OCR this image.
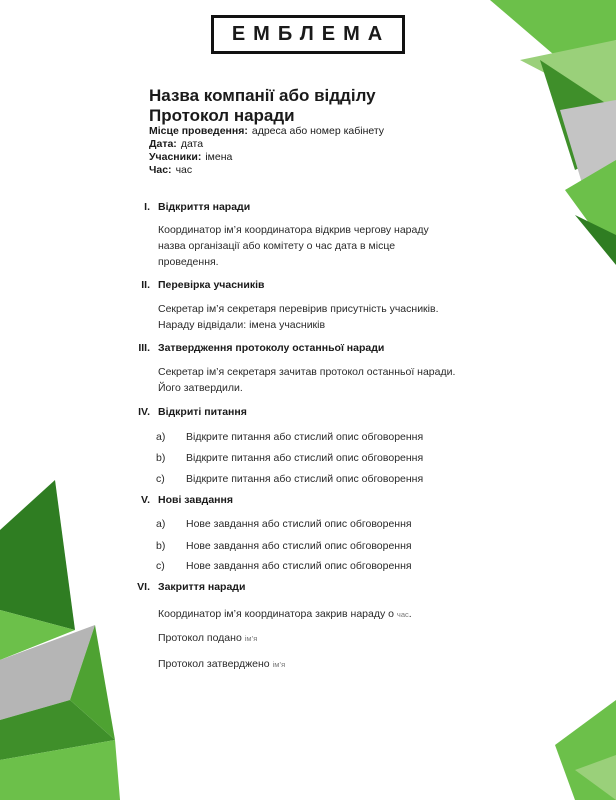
ЕМБЛЕМА
Назва компанії або відділу
Протокол наради
Місце проведення: адреса або номер кабінету
Дата: дата
Учасники: імена
Час: час
I. Відкриття наради
Координатор ім’я координатора відкрив чергову нараду назва організації або комітету о час дата в місце проведення.
II. Перевірка учасників
Секретар ім’я секретаря перевірив присутність учасників. Нараду відвідали: імена учасників
III. Затвердження протоколу останньої наради
Секретар ім’я секретаря зачитав протокол останньої наради. Його затвердили.
IV. Відкриті питання
a) Відкрите питання або стислий опис обговорення
b) Відкрите питання або стислий опис обговорення
c) Відкрите питання або стислий опис обговорення
V. Нові завдання
a) Нове завдання або стислий опис обговорення
b) Нове завдання або стислий опис обговорення
c) Нове завдання або стислий опис обговорення
VI. Закриття наради
Координатор ім’я координатора закрив нараду о час.
Протокол подано ім’я
Протокол затверджено ім’я
